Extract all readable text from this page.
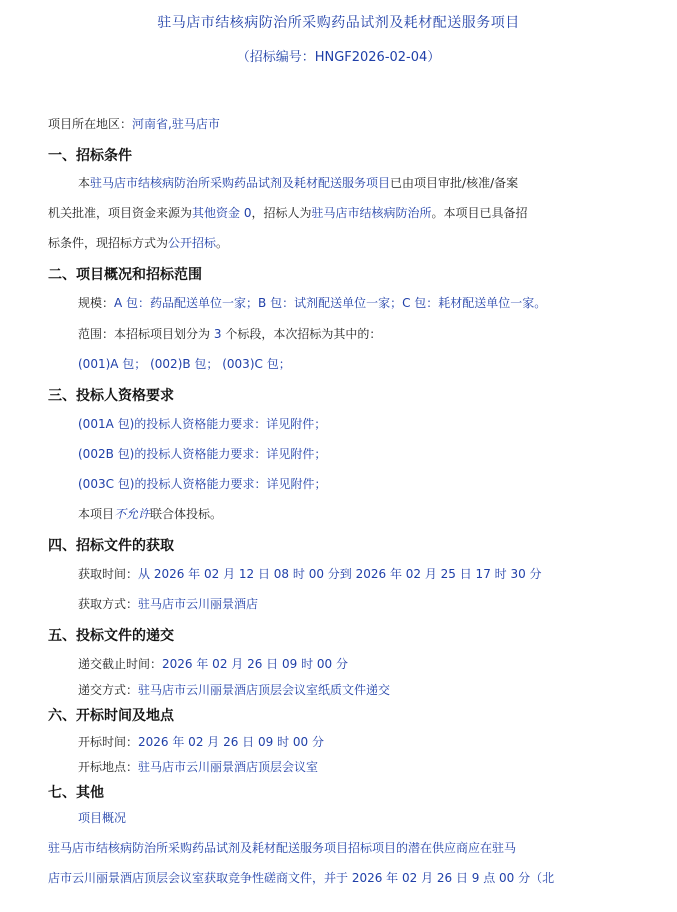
驻马店市结核病防治所采购药品试剂及耗材配送服务项目
（招标编号：HNGF2026-02-04）
项目所在地区：河南省,驻马店市
一、招标条件
本驻马店市结核病防治所采购药品试剂及耗材配送服务项目已由项目审批/核准/备案
机关批准，项目资金来源为其他资金 0，招标人为驻马店市结核病防治所。本项目已具备招
标条件，现招标方式为公开招标。
二、项目概况和招标范围
规模：A 包：药品配送单位一家；B 包：试剂配送单位一家；C 包：耗材配送单位一家。
范围：本招标项目划分为 3 个标段，本次招标为其中的：
(001)A 包； (002)B 包； (003)C 包；
三、投标人资格要求
(001A 包)的投标人资格能力要求：详见附件；
(002B 包)的投标人资格能力要求：详见附件；
(003C 包)的投标人资格能力要求：详见附件；
本项目不允许联合体投标。
四、招标文件的获取
获取时间：从 2026 年 02 月 12 日 08 时 00 分到 2026 年 02 月 25 日 17 时 30 分
获取方式：驻马店市云川丽景酒店
五、投标文件的递交
递交截止时间：2026 年 02 月 26 日 09 时 00 分
递交方式：驻马店市云川丽景酒店顶层会议室纸质文件递交
六、开标时间及地点
开标时间：2026 年 02 月 26 日 09 时 00 分
开标地点：驻马店市云川丽景酒店顶层会议室
七、其他
项目概况
驻马店市结核病防治所采购药品试剂及耗材配送服务项目招标项目的潜在供应商应在驻马
店市云川丽景酒店顶层会议室获取竞争性磋商文件，并于 2026 年 02 月 26 日 9 点 00 分（北
